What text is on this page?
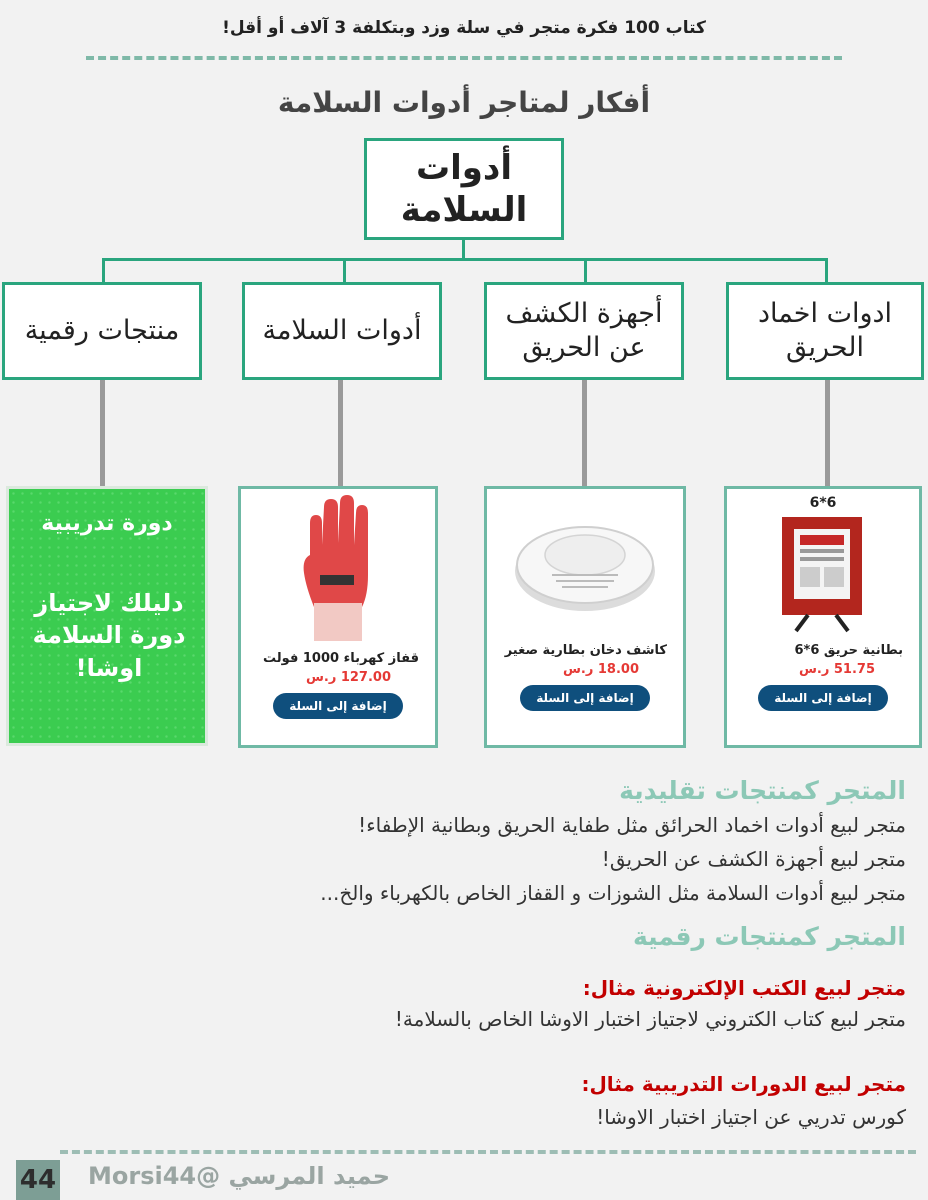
كتاب 100 فكرة متجر في سلة وزد وبتكلفة 3 آلاف أو أقل!
أفكار لمتاجر أدوات السلامة
أدوات السلامة
ادوات اخماد الحريق
أجهزة الكشف عن الحريق
أدوات السلامة
منتجات رقمية
6*6
بطانية حريق 6*6
51.75 ر.س
إضافة إلى السلة
كاشف دخان بطارية صغير
18.00 ر.س
إضافة إلى السلة
قفاز كهرباء 1000 فولت
127.00 ر.س
إضافة إلى السلة
دورة تدريبية
دليلك لاجتياز دورة السلامة اوشا!
المتجر كمنتجات تقليدية
متجر لبيع أدوات اخماد الحرائق مثل طفاية الحريق وبطانية الإطفاء!
متجر لبيع أجهزة الكشف عن الحريق!
متجر لبيع أدوات السلامة مثل الشوزات و القفاز الخاص بالكهرباء والخ...
المتجر كمنتجات رقمية
متجر لبيع الكتب الإلكترونية مثال:
متجر لبيع كتاب الكتروني لاجتياز اختبار الاوشا الخاص بالسلامة!
متجر لبيع الدورات التدريبية مثال:
كورس تدريي عن اجتياز اختبار الاوشا!
44 حميد المرسي @Morsi44
